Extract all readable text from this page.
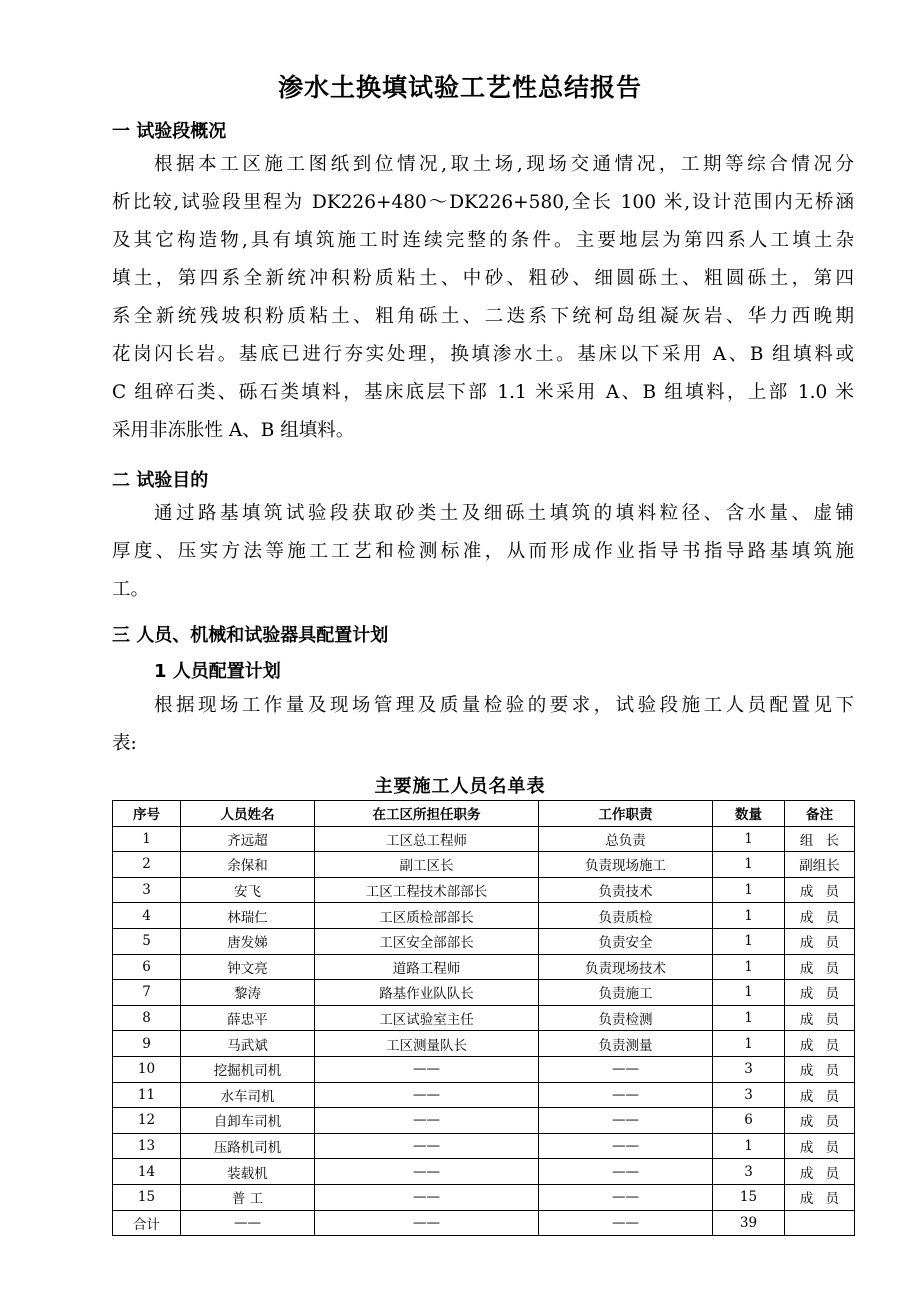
渗水土换填试验工艺性总结报告
一 试验段概况
根据本工区施工图纸到位情况,取土场,现场交通情况，工期等综合情况分
析比较,试验段里程为 DK226+480～DK226+580,全长 100 米,设计范围内无桥涵
及其它构造物,具有填筑施工时连续完整的条件。主要地层为第四系人工填土杂
填土，第四系全新统冲积粉质粘土、中砂、粗砂、细圆砾土、粗圆砾土，第四
系全新统残坡积粉质粘土、粗角砾土、二迭系下统柯岛组凝灰岩、华力西晚期
花岗闪长岩。基底已进行夯实处理，换填渗水土。基床以下采用 A、B 组填料或
C 组碎石类、砾石类填料，基床底层下部 1.1 米采用 A、B 组填料，上部 1.0 米
采用非冻胀性 A、B 组填料。
二 试验目的
通过路基填筑试验段获取砂类土及细砾土填筑的填料粒径、含水量、虚铺
厚度、压实方法等施工工艺和检测标准，从而形成作业指导书指导路基填筑施
工。
三 人员、机械和试验器具配置计划
1 人员配置计划
根据现场工作量及现场管理及质量检验的要求，试验段施工人员配置见下
表:
主要施工人员名单表
序号	人员姓名	在工区所担任职务	工作职责	数量	备注
1	齐远超	工区总工程师	总负责	1	组长
2	余保和	副工区长	负责现场施工	1	副组长
3	安飞	工区工程技术部部长	负责技术	1	成员
4	林瑞仁	工区质检部部长	负责质检	1	成员
5	唐发娣	工区安全部部长	负责安全	1	成员
6	钟文亮	道路工程师	负责现场技术	1	成员
7	黎涛	路基作业队队长	负责施工	1	成员
8	薛忠平	工区试验室主任	负责检测	1	成员
9	马武斌	工区测量队长	负责测量	1	成员
10	挖掘机司机	——	——	3	成员
11	水车司机	——	——	3	成员
12	自卸车司机	——	——	6	成员
13	压路机司机	——	——	1	成员
14	装载机	——	——	3	成员
15	普 工	——	——	15	成员
合计	——	——	——	39	
